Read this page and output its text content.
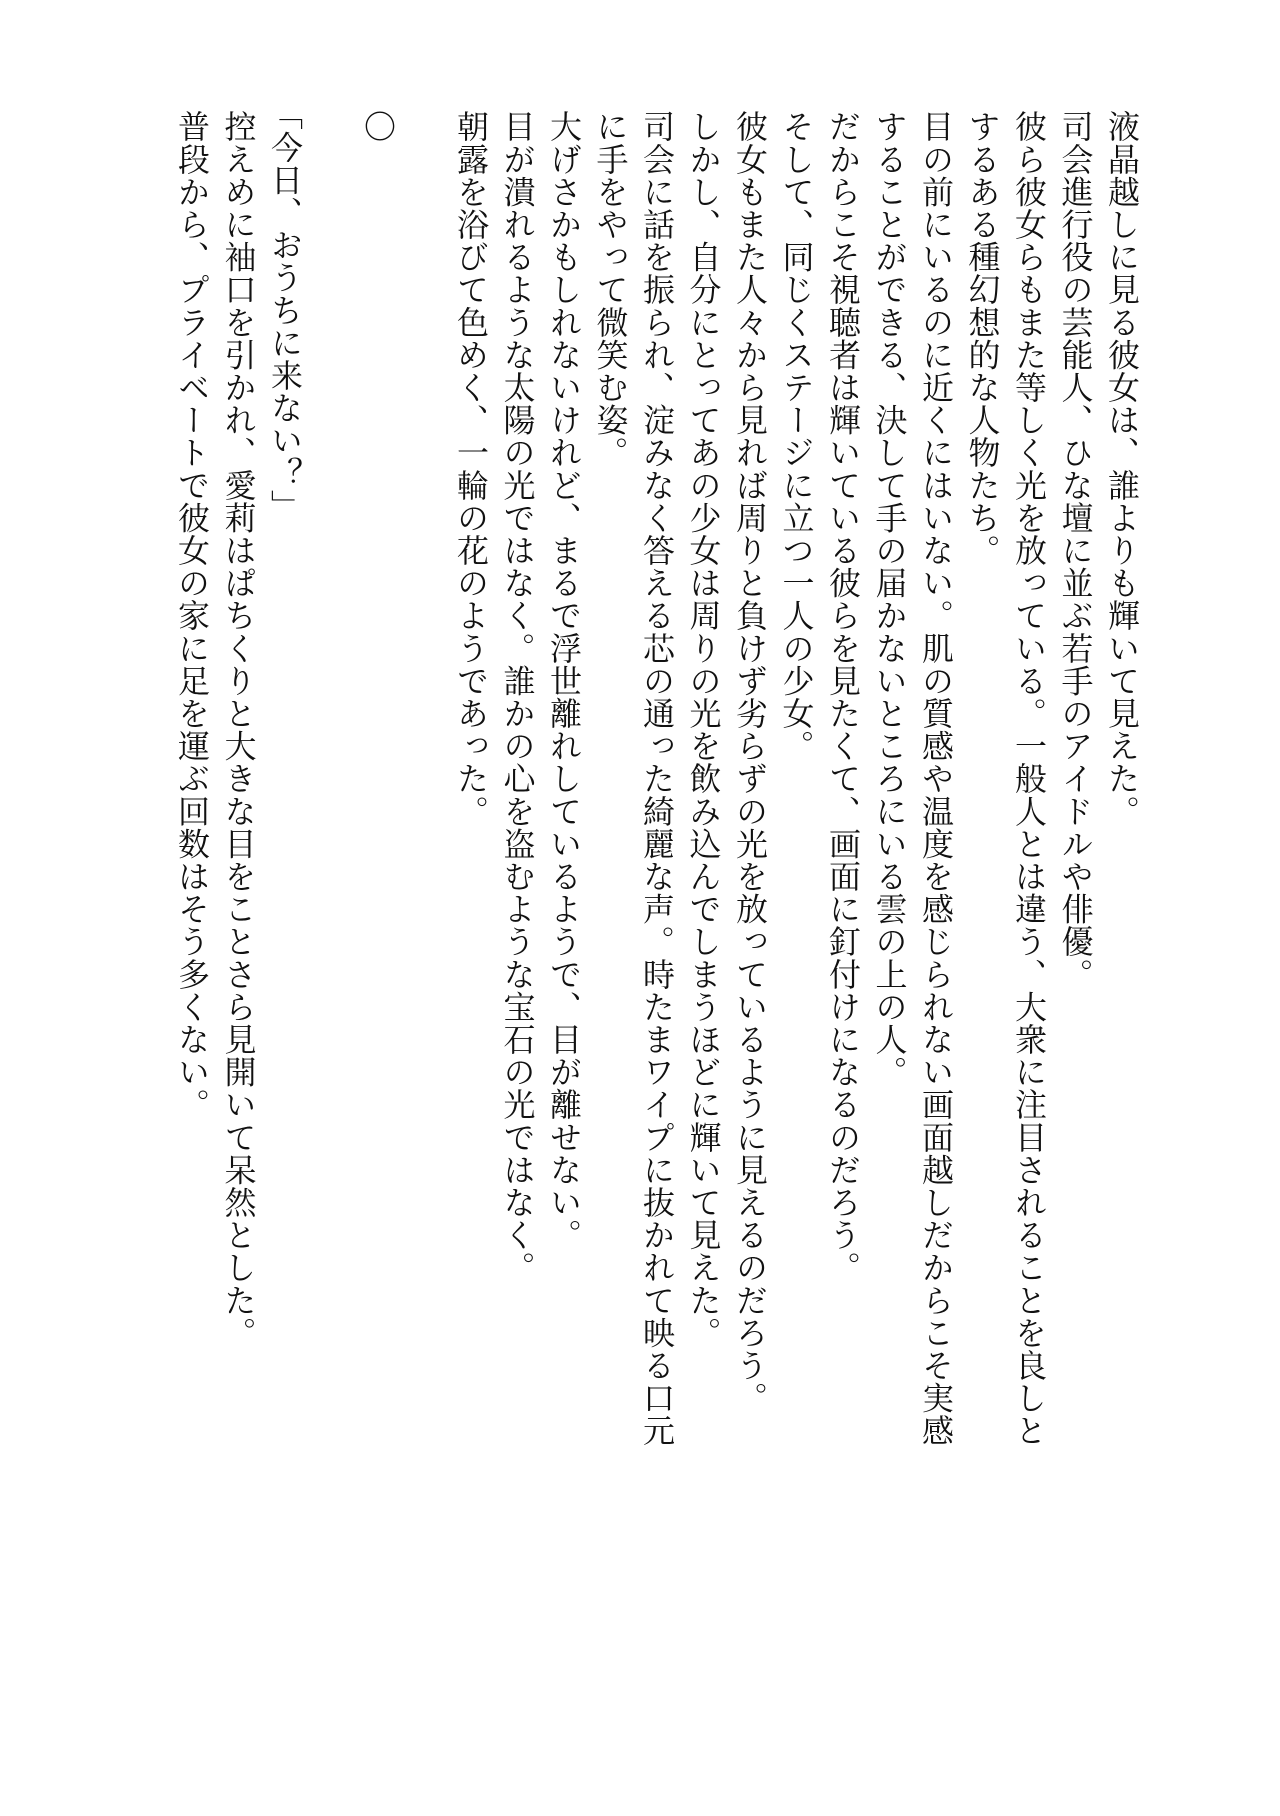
液晶越しに見る彼女は、誰よりも輝いて見えた。
司会進行役の芸能人、ひな壇に並ぶ若手のアイドルや俳優。
彼ら彼女らもまた等しく光を放っている。一般人とは違う、大衆に注目されることを良しと
するある種幻想的な人物たち。
目の前にいるのに近くにはいない。肌の質感や温度を感じられない画面越しだからこそ実感
することができる、決して手の届かないところにいる雲の上の人。
だからこそ視聴者は輝いている彼らを見たくて、画面に釘付けになるのだろう。
そして、同じくステージに立つ一人の少女。
彼女もまた人々から見れば周りと負けず劣らずの光を放っているように見えるのだろう。
しかし、自分にとってあの少女は周りの光を飲み込んでしまうほどに輝いて見えた。
司会に話を振られ、淀みなく答える芯の通った綺麗な声。時たまワイプに抜かれて映る口元
に手をやって微笑む姿。
大げさかもしれないけれど、まるで浮世離れしているようで、目が離せない。
目が潰れるような太陽の光ではなく。誰かの心を盗むような宝石の光ではなく。
朝露を浴びて色めく、一輪の花のようであった。
〇
「今日、おうちに来ない？」
控えめに袖口を引かれ、愛莉はぱちくりと大きな目をことさら見開いて呆然とした。
普段から、プライベートで彼女の家に足を運ぶ回数はそう多くない。
